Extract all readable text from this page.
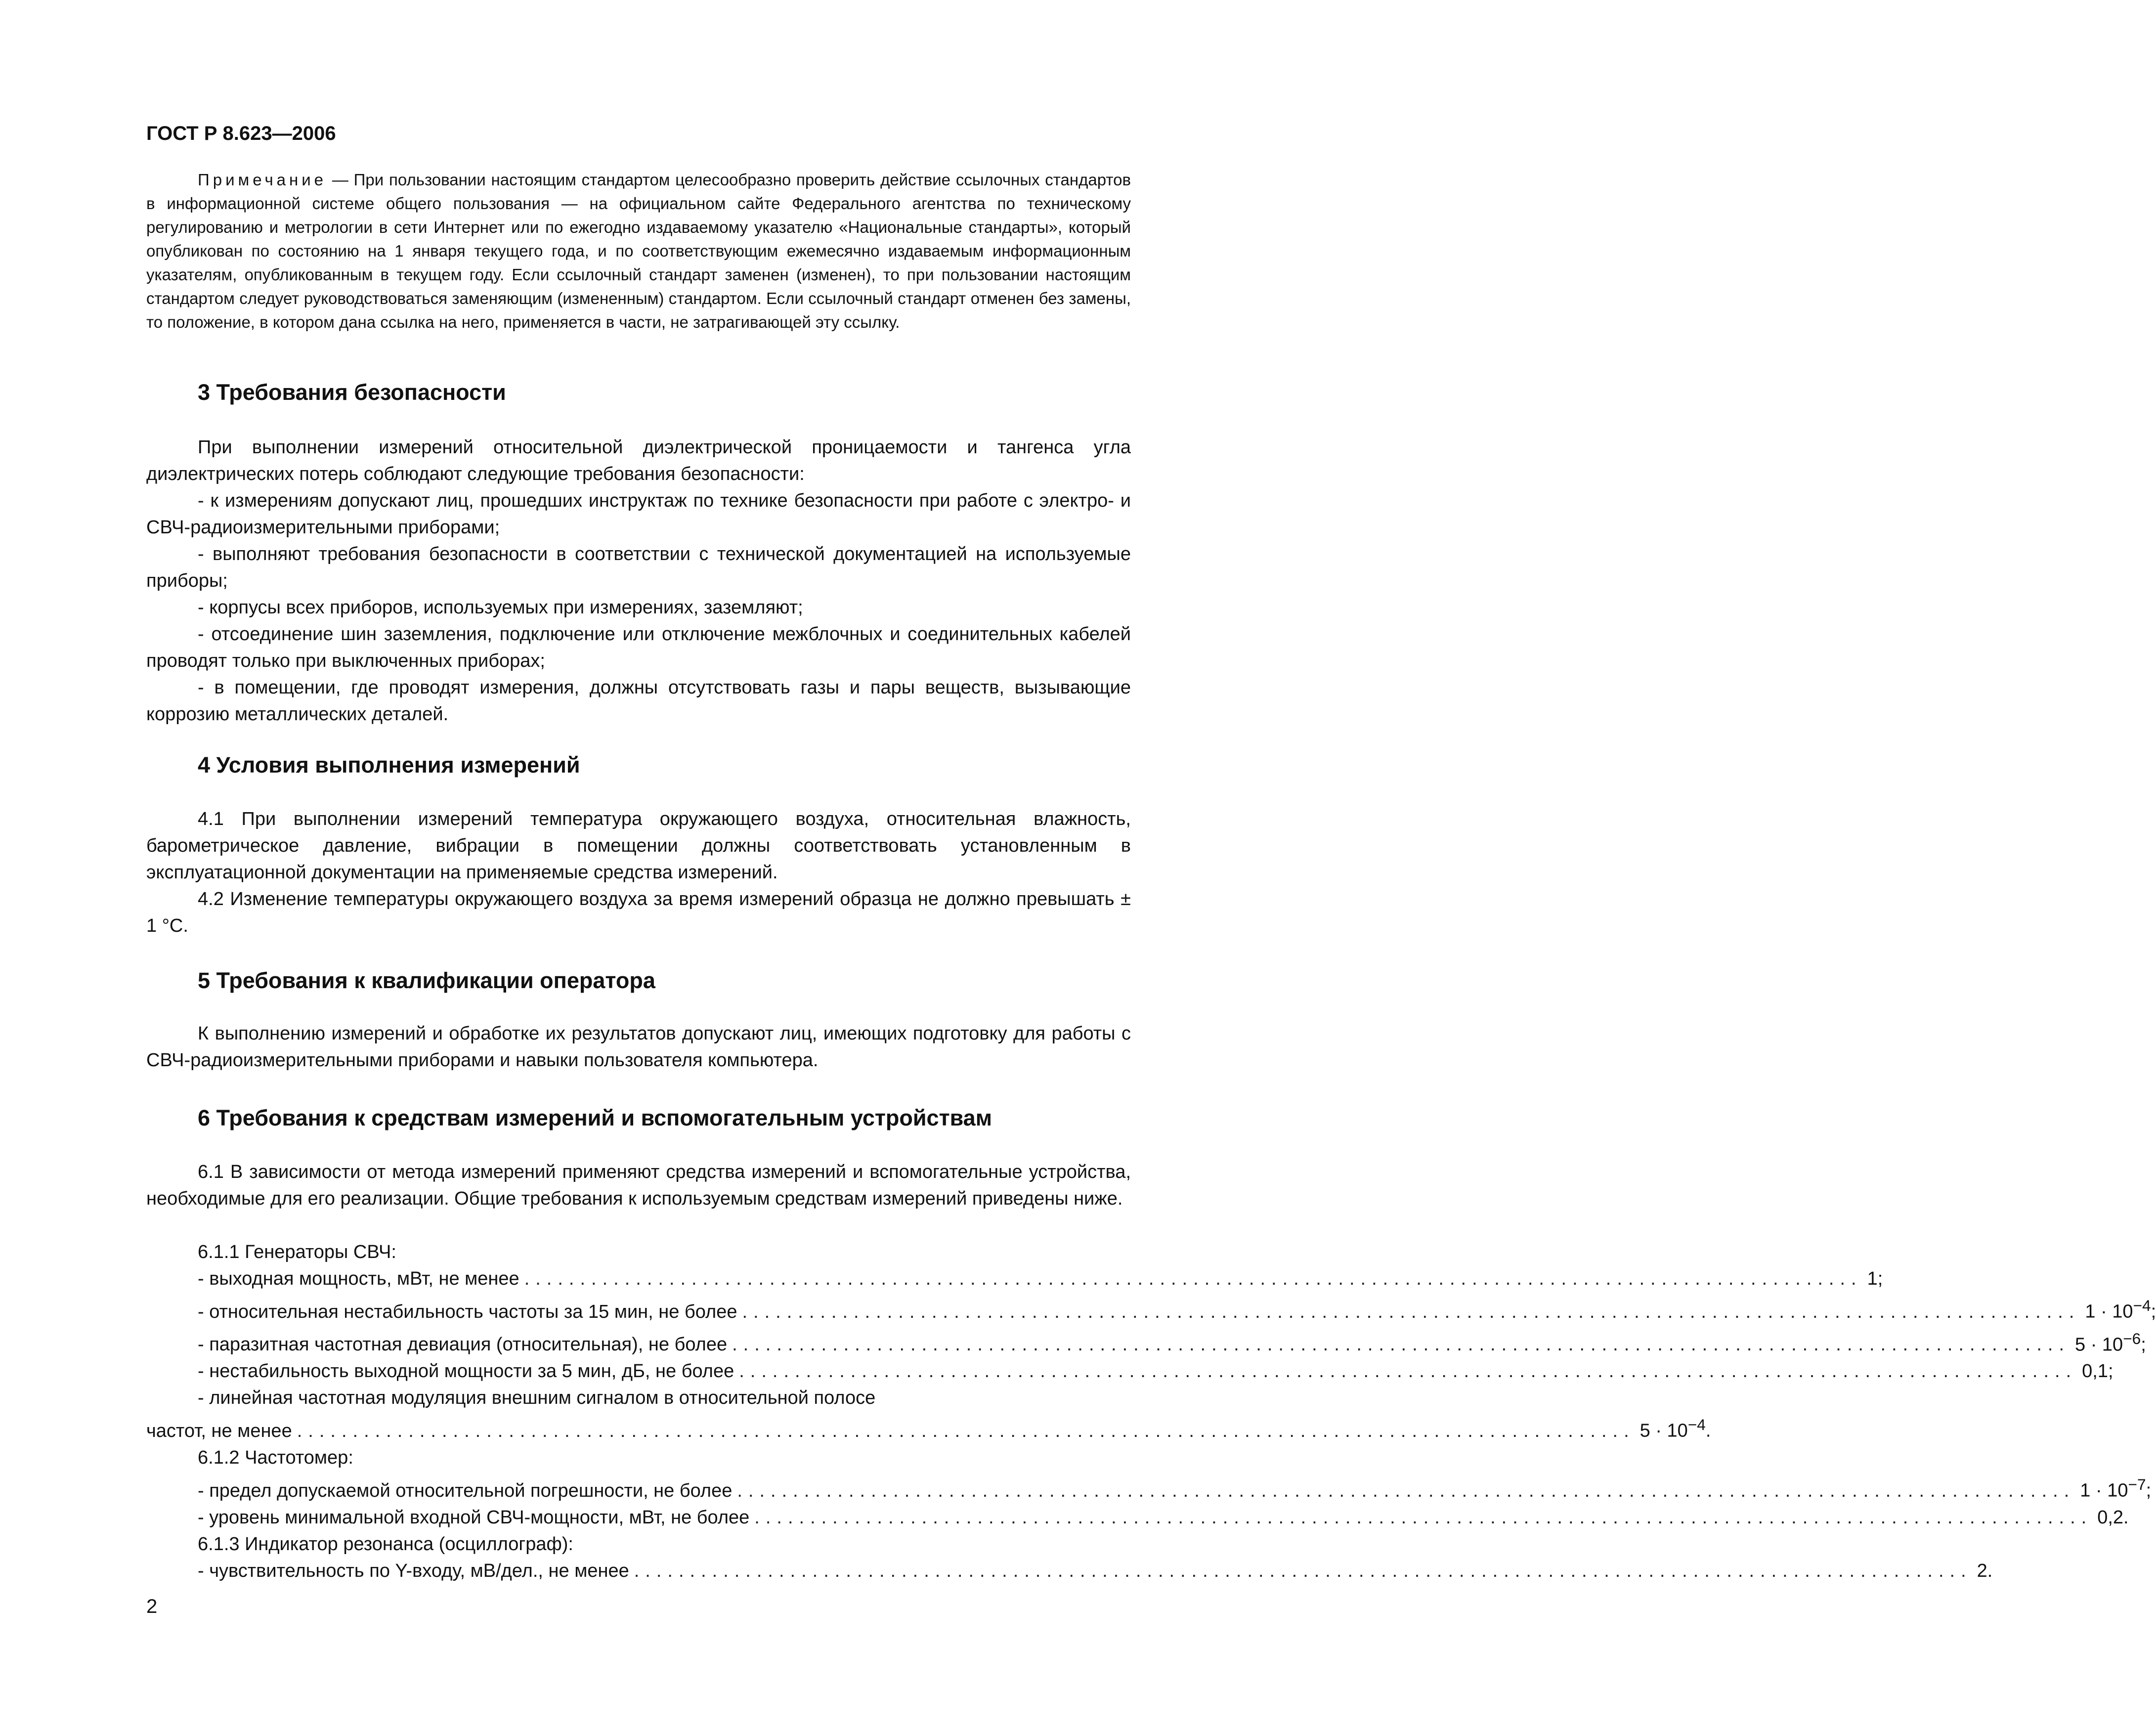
ГОСТ Р 8.623—2006
Примечание — При пользовании настоящим стандартом целесообразно проверить действие ссылочных стандартов в информационной системе общего пользования — на официальном сайте Федерального агентства по техническому регулированию и метрологии в сети Интернет или по ежегодно издаваемому указателю «Национальные стандарты», который опубликован по состоянию на 1 января текущего года, и по соответствующим ежемесячно издаваемым информационным указателям, опубликованным в текущем году. Если ссылочный стандарт заменен (изменен), то при пользовании настоящим стандартом следует руководствоваться заменяющим (измененным) стандартом. Если ссылочный стандарт отменен без замены, то положение, в котором дана ссылка на него, применяется в части, не затрагивающей эту ссылку.
3 Требования безопасности

При выполнении измерений относительной диэлектрической проницаемости и тангенса угла диэлектрических потерь соблюдают следующие требования безопасности:

- к измерениям допускают лиц, прошедших инструктаж по технике безопасности при работе с электро- и СВЧ-радиоизмерительными приборами;

- выполняют требования безопасности в соответствии с технической документацией на используемые приборы;

- корпусы всех приборов, используемых при измерениях, заземляют;

- отсоединение шин заземления, подключение или отключение межблочных и соединительных кабелей проводят только при выключенных приборах;

- в помещении, где проводят измерения, должны отсутствовать газы и пары веществ, вызывающие коррозию металлических деталей.

4 Условия выполнения измерений

4.1 При выполнении измерений температура окружающего воздуха, относительная влажность, барометрическое давление, вибрации в помещении должны соответствовать установленным в эксплуатационной документации на применяемые средства измерений.

4.2 Изменение температуры окружающего воздуха за время измерений образца не должно превышать ± 1 °С.

5 Требования к квалификации оператора

К выполнению измерений и обработке их результатов допускают лиц, имеющих подготовку для работы с СВЧ-радиоизмерительными приборами и навыки пользователя компьютера.

6 Требования к средствам измерений и вспомогательным устройствам

6.1 В зависимости от метода измерений применяют средства измерений и вспомогательные устройства, необходимые для его реализации. Общие требования к используемым средствам измерений приведены ниже.

6.1.1 Генераторы СВЧ:
- выходная мощность, мВт, не менее ........................................................................................................................ 1;
- относительная нестабильность частоты за 15 мин, не более ........................................................................................................................ $1 \cdot 10^{-4}$;
- паразитная частотная девиация (относительная), не более ........................................................................................................................ $5 \cdot 10^{-6}$;
- нестабильность выходной мощности за 5 мин, дБ, не более ........................................................................................................................ 0,1;
- линейная частотная модуляция внешним сигналом в относительной полосе
частот, не менее ........................................................................................................................ $5 \cdot 10^{-4}$.
6.1.2 Частотомер:
- предел допускаемой относительной погрешности, не более ........................................................................................................................ $1 \cdot 10^{-7}$;
- уровень минимальной входной СВЧ-мощности, мВт, не более ........................................................................................................................ 0,2.
6.1.3 Индикатор резонанса (осциллограф):
- чувствительность по Y-входу, мВ/дел., не менее ........................................................................................................................ 2.
2
